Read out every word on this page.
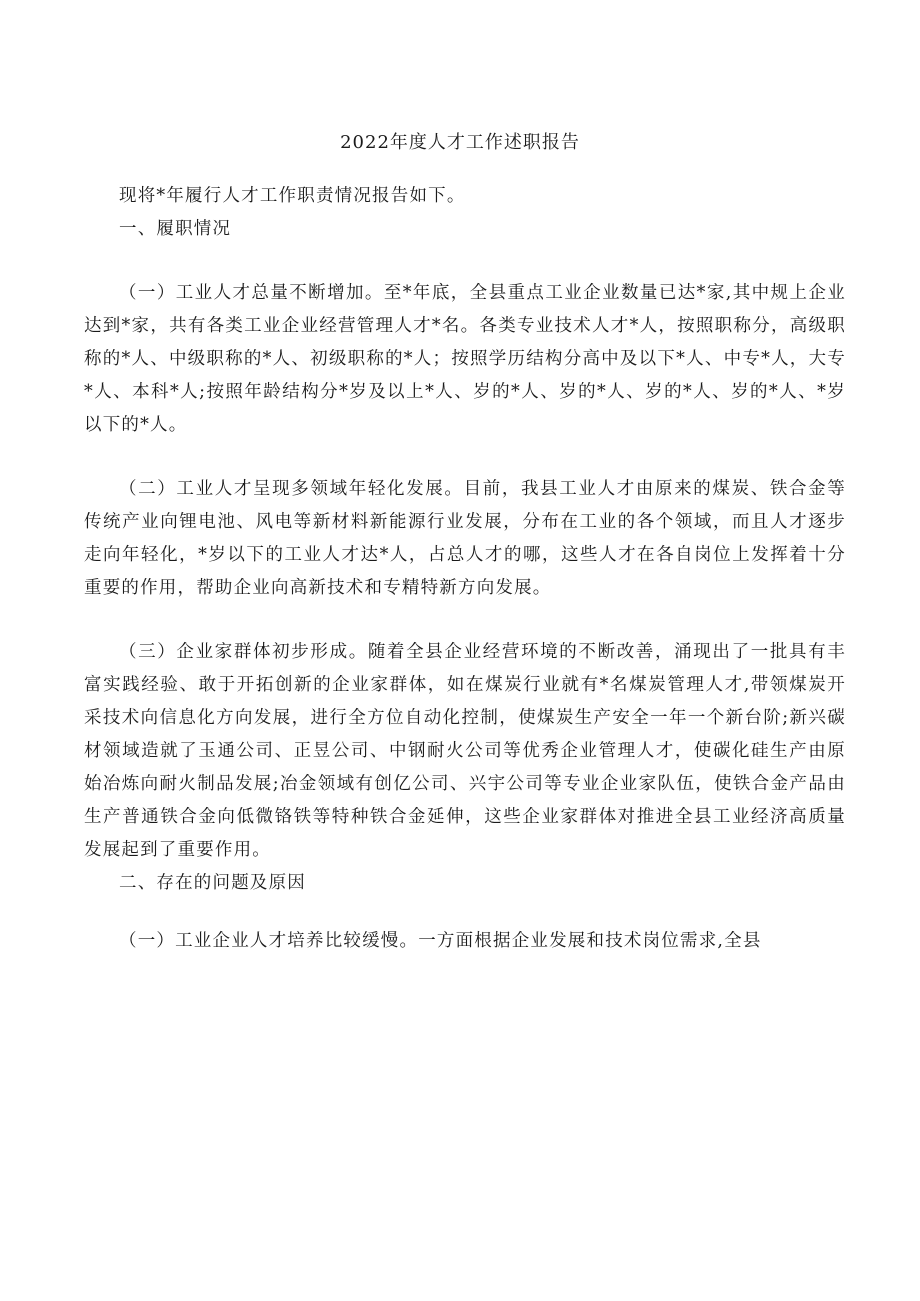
2022年度人才工作述职报告

现将*年履行人才工作职责情况报告如下。

一、履职情况

（一）工业人才总量不断增加。至*年底，全县重点工业企业数量已达*家,其中规上企业达到*家，共有各类工业企业经营管理人才*名。各类专业技术人才*人，按照职称分，高级职称的*人、中级职称的*人、初级职称的*人；按照学历结构分高中及以下*人、中专*人，大专*人、本科*人;按照年龄结构分*岁及以上*人、岁的*人、岁的*人、岁的*人、岁的*人、*岁以下的*人。

（二）工业人才呈现多领域年轻化发展。目前，我县工业人才由原来的煤炭、铁合金等传统产业向锂电池、风电等新材料新能源行业发展，分布在工业的各个领域，而且人才逐步走向年轻化，*岁以下的工业人才达*人，占总人才的哪，这些人才在各自岗位上发挥着十分重要的作用，帮助企业向高新技术和专精特新方向发展。

（三）企业家群体初步形成。随着全县企业经营环境的不断改善，涌现出了一批具有丰富实践经验、敢于开拓创新的企业家群体，如在煤炭行业就有*名煤炭管理人才,带领煤炭开采技术向信息化方向发展，进行全方位自动化控制，使煤炭生产安全一年一个新台阶;新兴碳材领域造就了玉通公司、正昱公司、中钢耐火公司等优秀企业管理人才，使碳化硅生产由原始冶炼向耐火制品发展;冶金领域有创亿公司、兴宇公司等专业企业家队伍，使铁合金产品由生产普通铁合金向低微铬铁等特种铁合金延伸，这些企业家群体对推进全县工业经济高质量发展起到了重要作用。

二、存在的问题及原因

（一）工业企业人才培养比较缓慢。一方面根据企业发展和技术岗位需求,全县
